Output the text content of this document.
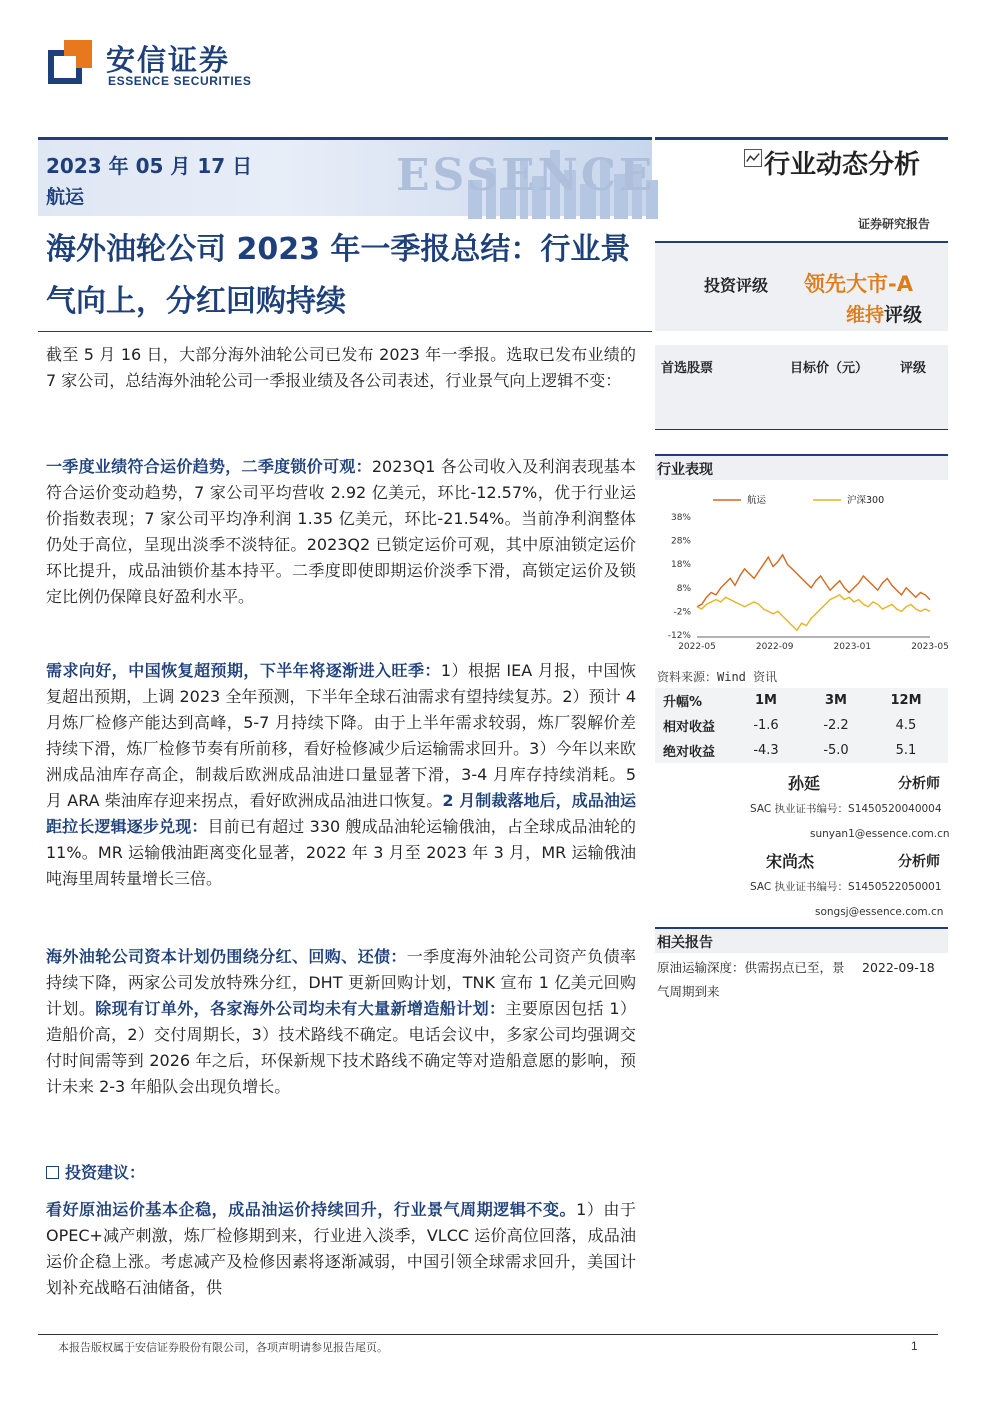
安信证券
ESSENCE SECURITIES
ESSENCE
2023 年 05 月 17 日
航运
行业动态分析
证券研究报告
海外油轮公司 2023 年一季报总结：行业景气向上，分红回购持续	投资评级 领先大市-A
维持评级
首选股票	目标价（元） 评级
截至 5 月 16 日，大部分海外油轮公司已发布 2023 年一季报。选取已发布业绩的 7 家公司，总结海外油轮公司一季报业绩及各公司表述，行业景气向上逻辑不变：
一季度业绩符合运价趋势，二季度锁价可观：2023Q1 各公司收入及利润表现基本符合运价变动趋势，7 家公司平均营收 2.92 亿美元，环比-12.57%，优于行业运价指数表现；7 家公司平均净利润 1.35 亿美元，环比-21.54%。当前净利润整体仍处于高位，呈现出淡季不淡特征。2023Q2 已锁定运价可观，其中原油锁定运价环比提升，成品油锁价基本持平。二季度即使即期运价淡季下滑，高锁定运价及锁定比例仍保障良好盈利水平。
需求向好，中国恢复超预期，下半年将逐渐进入旺季：1）根据 IEA 月报，中国恢复超出预期，上调 2023 全年预测，下半年全球石油需求有望持续复苏。2）预计 4 月炼厂检修产能达到高峰，5-7 月持续下降。由于上半年需求较弱，炼厂裂解价差持续下滑，炼厂检修节奏有所前移，看好检修减少后运输需求回升。3）今年以来欧洲成品油库存高企，制裁后欧洲成品油进口量显著下滑，3-4 月库存持续消耗。5 月 ARA 柴油库存迎来拐点，看好欧洲成品油进口恢复。2 月制裁落地后，成品油运距拉长逻辑逐步兑现：目前已有超过 330 艘成品油轮运输俄油，占全球成品油轮的 11%。MR 运输俄油距离变化显著，2022 年 3 月至 2023 年 3 月，MR 运输俄油吨海里周转量增长三倍。
海外油轮公司资本计划仍围绕分红、回购、还债：一季度海外油轮公司资产负债率持续下降，两家公司发放特殊分红，DHT 更新回购计划，TNK 宣布 1 亿美元回购计划。除现有订单外，各家海外公司均未有大量新增造船计划：主要原因包括 1）造船价高，2）交付周期长，3）技术路线不确定。电话会议中，多家公司均强调交付时间需等到 2026 年之后，环保新规下技术路线不确定等对造船意愿的影响，预计未来 2-3 年船队会出现负增长。
投资建议：
看好原油运价基本企稳，成品油运价持续回升，行业景气周期逻辑不变。1）由于 OPEC+减产刺激，炼厂检修期到来，行业进入淡季，VLCC 运价高位回落，成品油运价企稳上涨。考虑减产及检修因素将逐渐减弱，中国引领全球需求回升，美国计划补充战略石油储备，供
行业表现
38%
28%
18%
8%
-2%
-12%
2022-05	2022-09	2023-01	2023-05
航运	沪深300
资料来源：Wind 资讯
升幅%	1M	3M	12M
相对收益	-1.6	-2.2	4.5
绝对收益	-4.3	-5.0	5.1
孙延	分析师
SAC 执业证书编号：S1450520040004
sunyan1@essence.com.cn
宋尚杰	分析师
SAC 执业证书编号：S1450522050001
songsj@essence.com.cn
相关报告
原油运输深度：供需拐点已至，景气周期到来
2022-09-18
本报告版权属于安信证券股份有限公司，各项声明请参见报告尾页。	1
